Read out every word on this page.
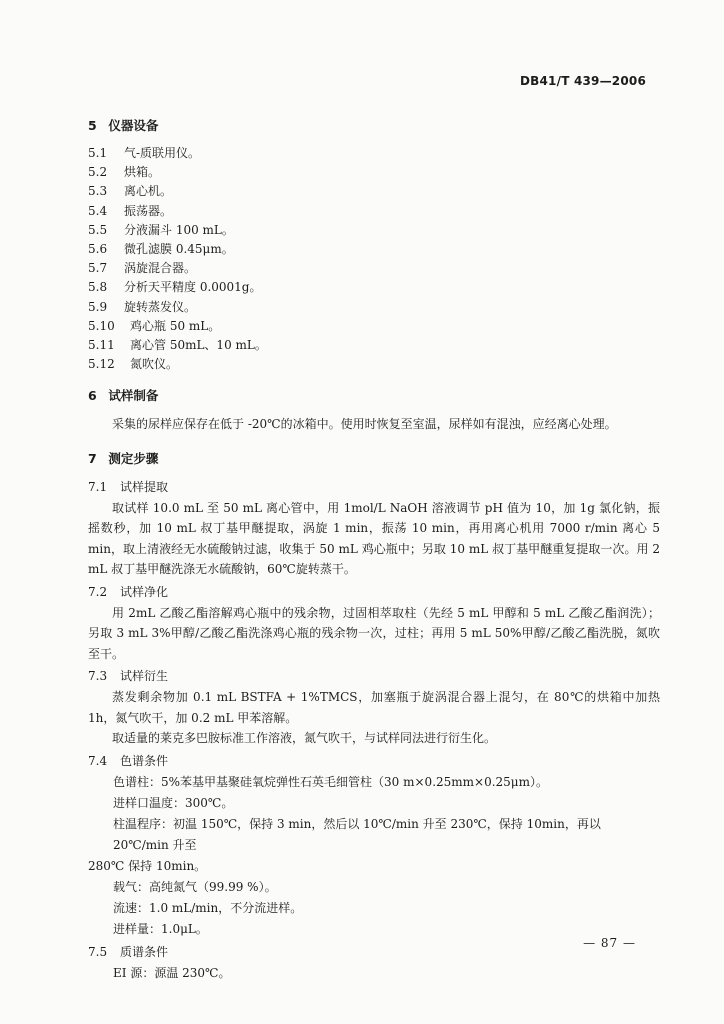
DB41/T 439—2006
5 仪器设备
5.1	气-质联用仪。
5.2	烘箱。
5.3	离心机。
5.4	振荡器。
5.5	分液漏斗 100 mL。
5.6	微孔滤膜 0.45μm。
5.7	涡旋混合器。
5.8	分析天平精度 0.0001g。
5.9	旋转蒸发仪。
5.10	鸡心瓶 50 mL。
5.11	离心管 50mL、10 mL。
5.12	氮吹仪。
6 试样制备

采集的尿样应保存在低于 -20℃的冰箱中。使用时恢复至室温，尿样如有混浊，应经离心处理。

7 测定步骤
7.1	试样提取

取试样 10.0 mL 至 50 mL 离心管中，用 1mol/L NaOH 溶液调节 pH 值为 10，加 1g 氯化钠，振摇数秒，加 10 mL 叔丁基甲醚提取，涡旋 1 min，振荡 10 min，再用离心机用 7000 r/min 离心 5 min，取上清液经无水硫酸钠过滤，收集于 50 mL 鸡心瓶中；另取 10 mL 叔丁基甲醚重复提取一次。用 2 mL 叔丁基甲醚洗涤无水硫酸钠，60℃旋转蒸干。

7.2	试样净化

用 2mL 乙酸乙酯溶解鸡心瓶中的残余物，过固相萃取柱（先经 5 mL 甲醇和 5 mL 乙酸乙酯润洗）；另取 3 mL 3%甲醇/乙酸乙酯洗涤鸡心瓶的残余物一次，过柱；再用 5 mL 50%甲醇/乙酸乙酯洗脱，氮吹至干。

7.3	试样衍生

蒸发剩余物加 0.1 mL BSTFA + 1%TMCS，加塞瓶于旋涡混合器上混匀，在 80℃的烘箱中加热 1h，氮气吹干，加 0.2 mL 甲苯溶解。

取适量的莱克多巴胺标准工作溶液，氮气吹干，与试样同法进行衍生化。

7.4	色谱条件

色谱柱：5%苯基甲基聚硅氧烷弹性石英毛细管柱（30 m×0.25mm×0.25μm）。

进样口温度：300℃。

柱温程序：初温 150℃，保持 3 min，然后以 10℃/min 升至 230℃，保持 10min，再以 20℃/min 升至

280℃ 保持 10min。

载气：高纯氮气（99.99 %）。

流速：1.0 mL/min，不分流进样。

进样量：1.0μL。

7.5	质谱条件

EI 源：源温 230℃。

— 87 —
